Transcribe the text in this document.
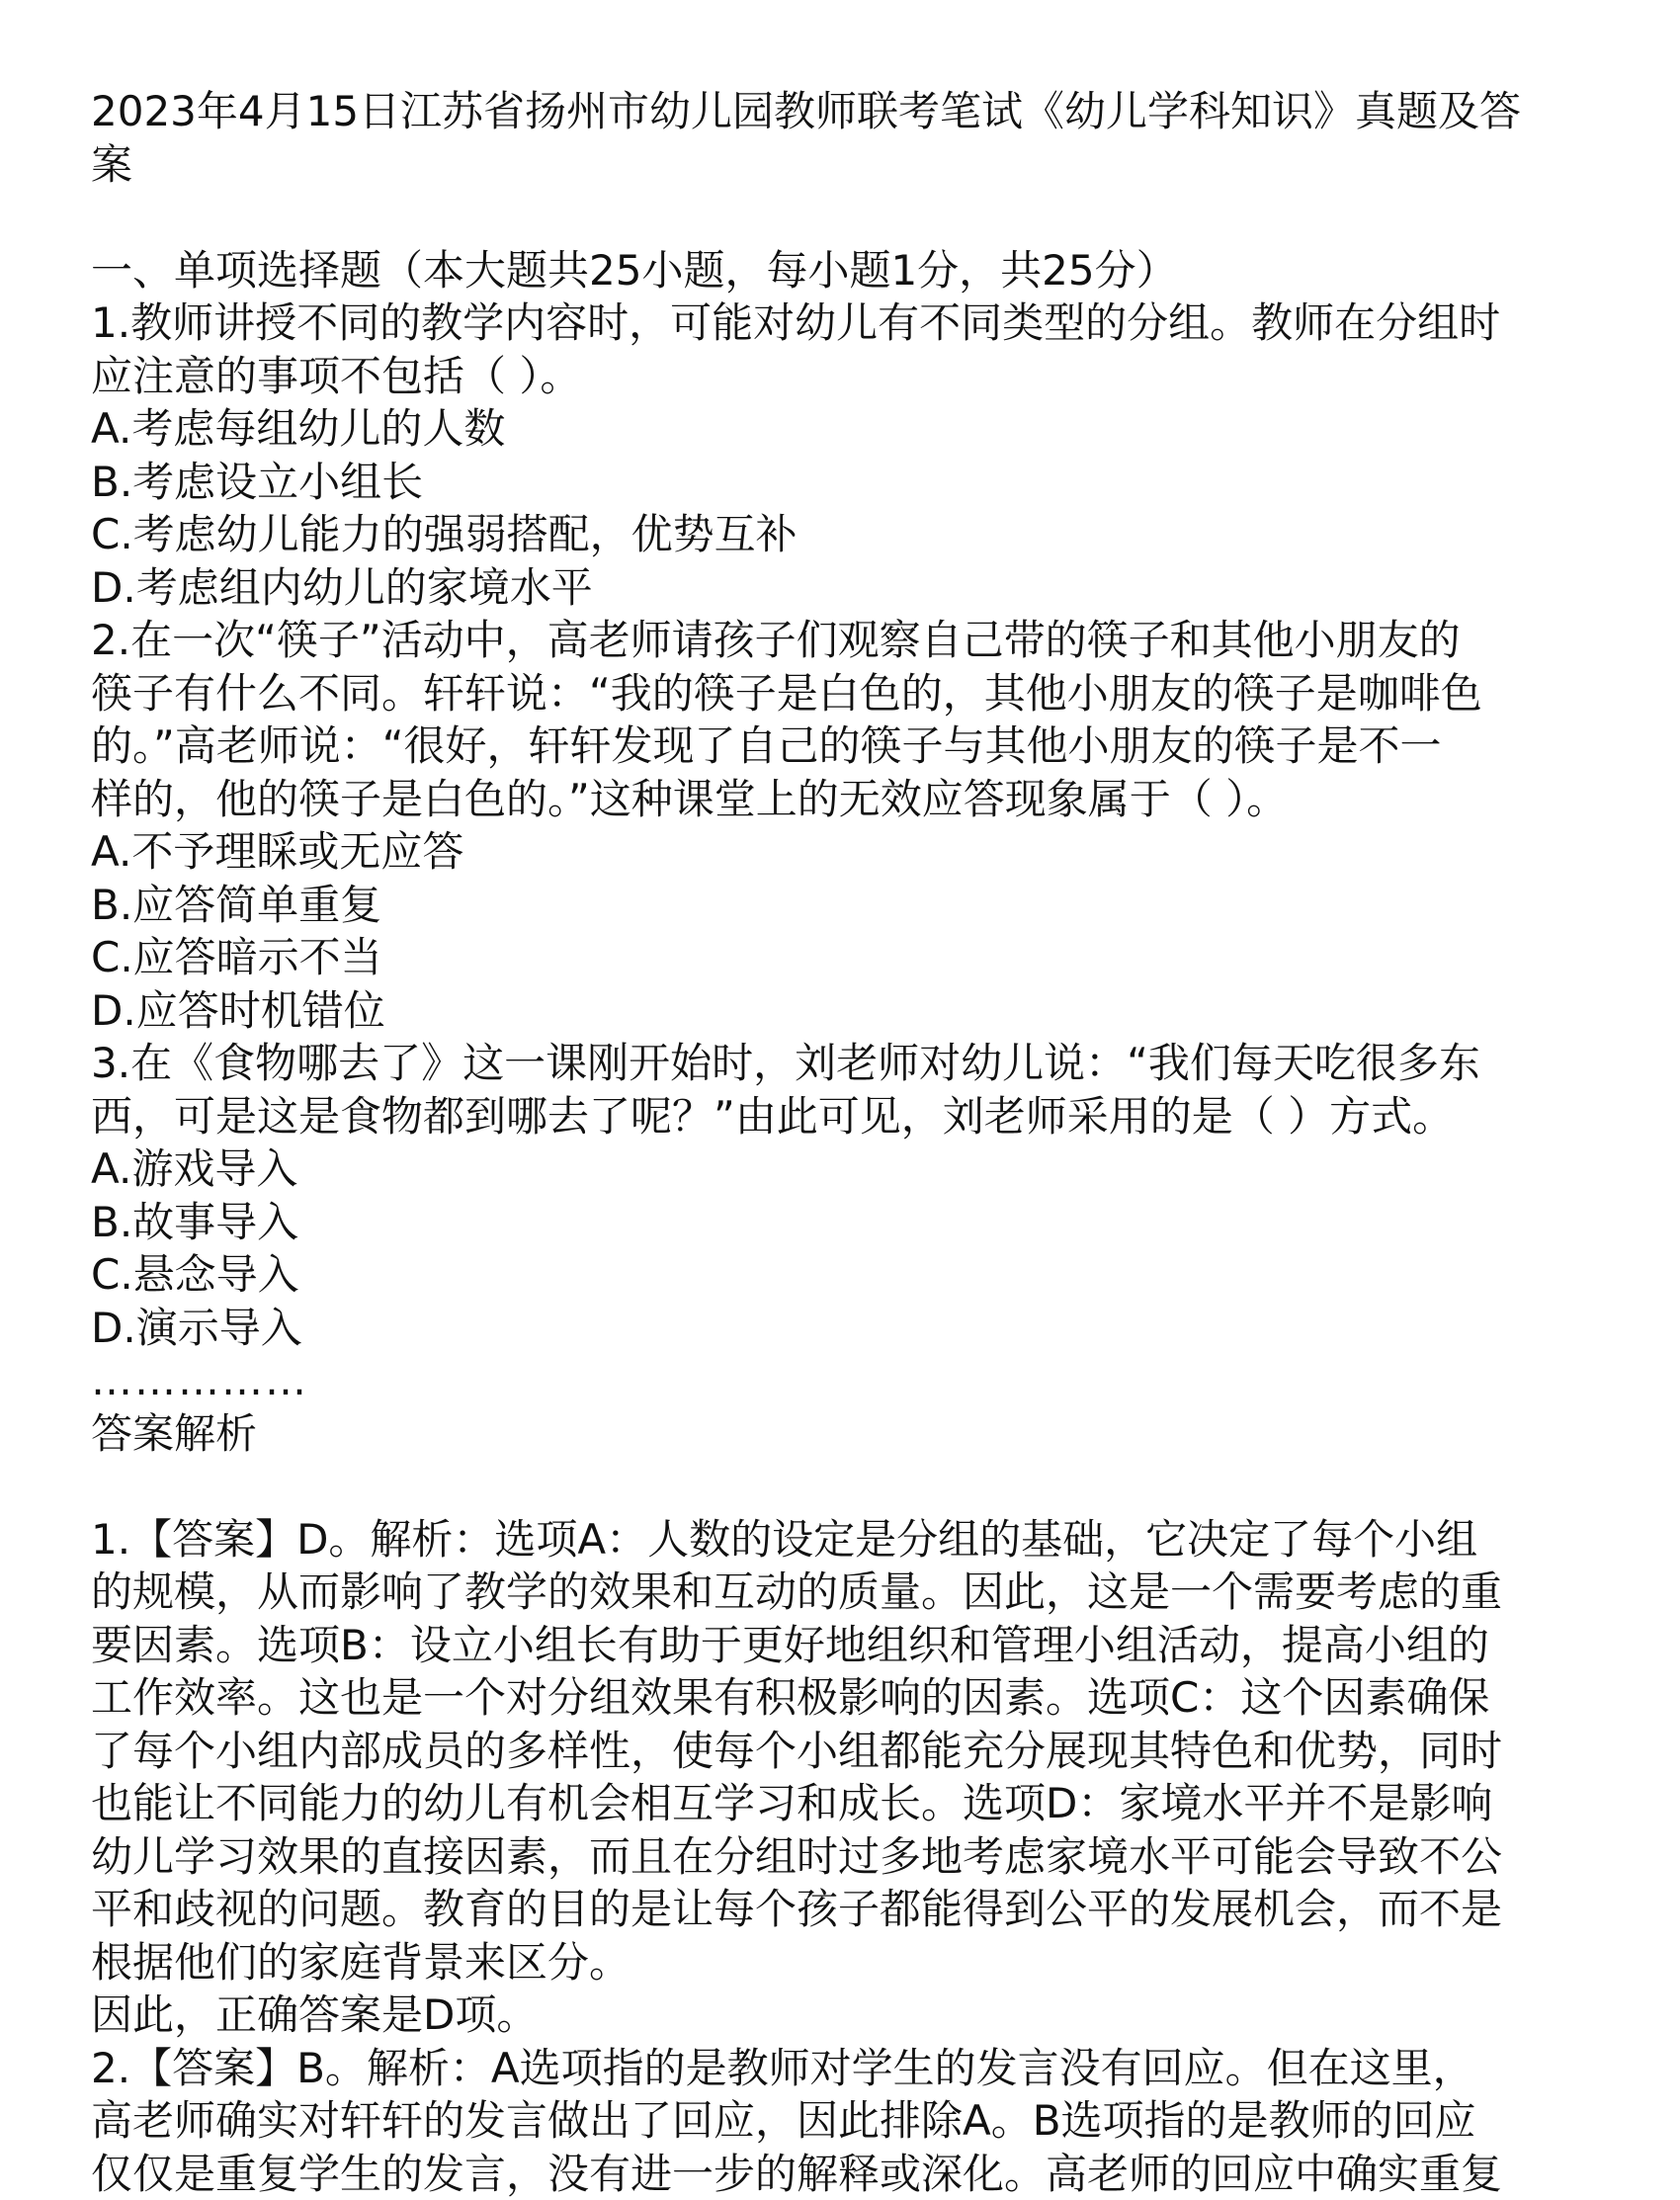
2023年4月15日江苏省扬州市幼儿园教师联考笔试《幼儿学科知识》真题及答
案
一、单项选择题（本大题共25小题，每小题1分，共25分）
1.教师讲授不同的教学内容时，可能对幼儿有不同类型的分组。教师在分组时
应注意的事项不包括（ ）。
A.考虑每组幼儿的人数
B.考虑设立小组长
C.考虑幼儿能力的强弱搭配，优势互补
D.考虑组内幼儿的家境水平
2.在一次“筷子”活动中，高老师请孩子们观察自己带的筷子和其他小朋友的
筷子有什么不同。轩轩说：“我的筷子是白色的，其他小朋友的筷子是咖啡色
的。”高老师说：“很好，轩轩发现了自己的筷子与其他小朋友的筷子是不一
样的，他的筷子是白色的。”这种课堂上的无效应答现象属于（ ）。
A.不予理睬或无应答
B.应答简单重复
C.应答暗示不当
D.应答时机错位
3.在《食物哪去了》这一课刚开始时，刘老师对幼儿说：“我们每天吃很多东
西，可是这是食物都到哪去了呢？”由此可见，刘老师采用的是（ ）方式。
A.游戏导入
B.故事导入
C.悬念导入
D.演示导入
……………
答案解析
1.【答案】D。解析：选项A：人数的设定是分组的基础，它决定了每个小组
的规模，从而影响了教学的效果和互动的质量。因此，这是一个需要考虑的重
要因素。选项B：设立小组长有助于更好地组织和管理小组活动，提高小组的
工作效率。这也是一个对分组效果有积极影响的因素。选项C：这个因素确保
了每个小组内部成员的多样性，使每个小组都能充分展现其特色和优势，同时
也能让不同能力的幼儿有机会相互学习和成长。选项D：家境水平并不是影响
幼儿学习效果的直接因素，而且在分组时过多地考虑家境水平可能会导致不公
平和歧视的问题。教育的目的是让每个孩子都能得到公平的发展机会，而不是
根据他们的家庭背景来区分。
因此，正确答案是D项。
2.【答案】B。解析：A选项指的是教师对学生的发言没有回应。但在这里，
高老师确实对轩轩的发言做出了回应，因此排除A。B选项指的是教师的回应
仅仅是重复学生的发言，没有进一步的解释或深化。高老师的回应中确实重复
